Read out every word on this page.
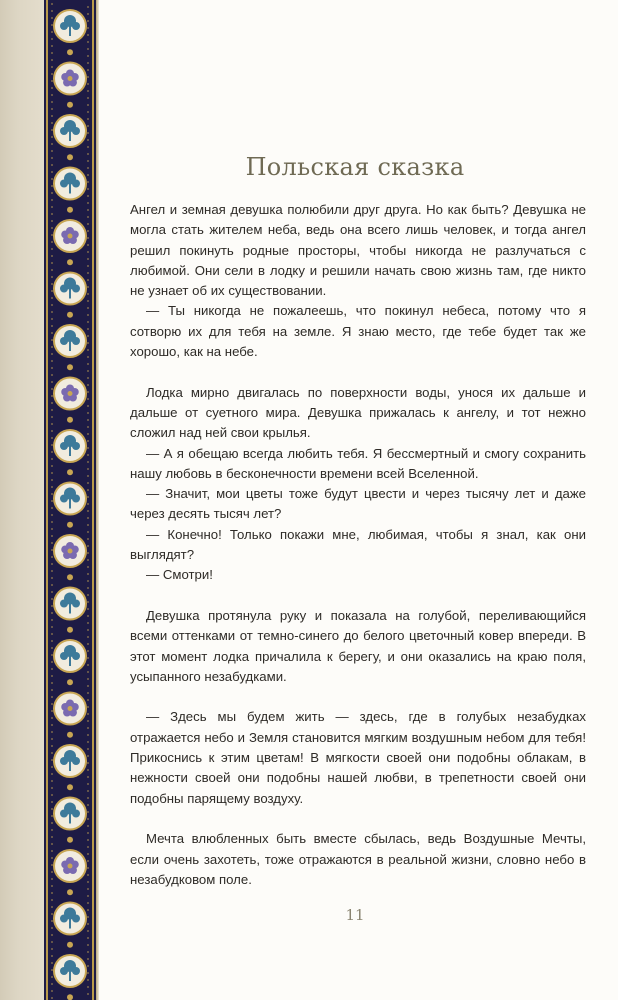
Польская сказка

Ангел и земная девушка полюбили друг друга. Но как быть? Девушка не могла стать жителем неба, ведь она всего лишь человек, и тогда ангел решил покинуть родные просторы, чтобы никогда не разлучаться с любимой. Они сели в лодку и решили начать свою жизнь там, где никто не узнает об их существовании.

— Ты никогда не пожалеешь, что покинул небеса, потому что я сотворю их для тебя на земле. Я знаю место, где тебе будет так же хорошо, как на небе.

Лодка мирно двигалась по поверхности воды, унося их дальше и дальше от суетного мира. Девушка прижалась к ангелу, и тот нежно сложил над ней свои крылья.

— А я обещаю всегда любить тебя. Я бессмертный и смогу сохранить нашу любовь в бесконечности времени всей Вселенной.

— Значит, мои цветы тоже будут цвести и через тысячу лет и даже через десять тысяч лет?

— Конечно! Только покажи мне, любимая, чтобы я знал, как они выглядят?

— Смотри!

Девушка протянула руку и показала на голубой, переливающийся всеми оттенками от темно-синего до белого цветочный ковер впереди. В этот момент лодка причалила к берегу, и они оказались на краю поля, усыпанного незабудками.

— Здесь мы будем жить — здесь, где в голубых незабудках отражается небо и Земля становится мягким воздушным небом для тебя! Прикоснись к этим цветам! В мягкости своей они подобны облакам, в нежности своей они подобны нашей любви, в трепетности своей они подобны парящему воздуху.

Мечта влюбленных быть вместе сбылась, ведь Воздушные Мечты, если очень захотеть, тоже отражаются в реальной жизни, словно небо в незабудковом поле.

11
